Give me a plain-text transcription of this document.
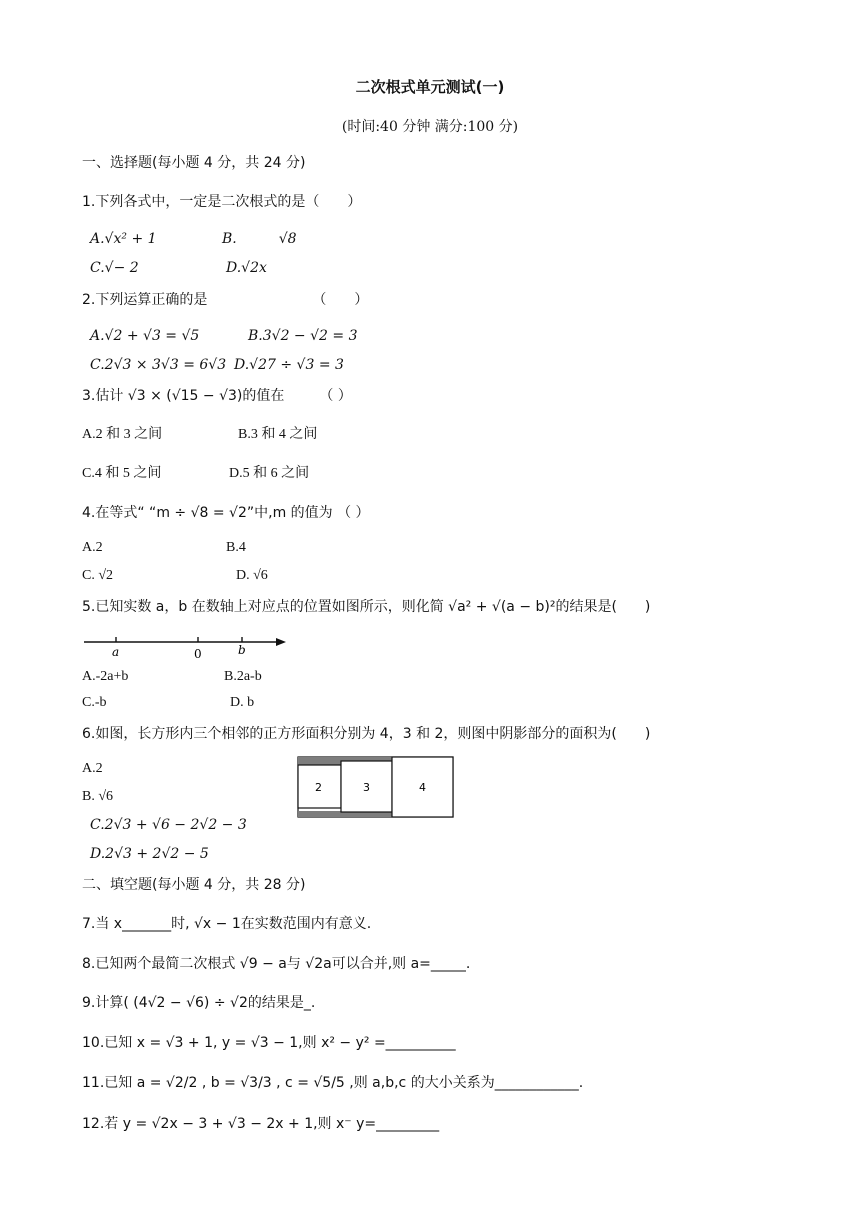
二次根式单元测试(一)
(时间:40 分钟 满分:100 分)
一、选择题(每小题 4 分，共 24 分)
1.下列各式中，一定是二次根式的是（　　）
A.√x² + 1	B.　　　√8
C.√− 2	D.√2x
2.下列运算正确的是　　　　　　　　（　　）
A.√2 + √3 = √5	B.3√2 − √2 = 3
C.2√3 × 3√3 = 6√3 D.√27 ÷ √3 = 3
3.估计 √3 × (√15 − √3)的值在　　　（ ）
A.2 和 3 之间	B.3 和 4 之间
C.4 和 5 之间	D.5 和 6 之间
4.在等式“ “m ÷ √8 = √2”中,m 的值为 （ ）
A.2	B.4
C. √2	D. √6
5.已知实数 a，b 在数轴上对应点的位置如图所示，则化简 √a² + √(a − b)²的结果是(　　)
a	0	b
A.-2a+b	B.2a-b
C.-b	D. b
6.如图，长方形内三个相邻的正方形面积分别为 4，3 和 2，则图中阴影部分的面积为(　　)
A.2
B. √6
C.2√3 + √6 − 2√2 − 3
D.2√3 + 2√2 − 5
2	3	4
二、填空题(每小题 4 分，共 28 分)
7.当 x_______时, √x − 1在实数范围内有意义.
8.已知两个最简二次根式 √9 − a与 √2a可以合并,则 a=_____.
9.计算( (4√2 − √6) ÷ √2的结果是_.
10.已知 x = √3 + 1, y = √3 − 1,则 x² − y² =__________
11.已知 a = √2/2 , b = √3/3 , c = √5/5 ,则 a,b,c 的大小关系为____________.
12.若 y = √2x − 3 + √3 − 2x + 1,则 x⁻ y=_________
